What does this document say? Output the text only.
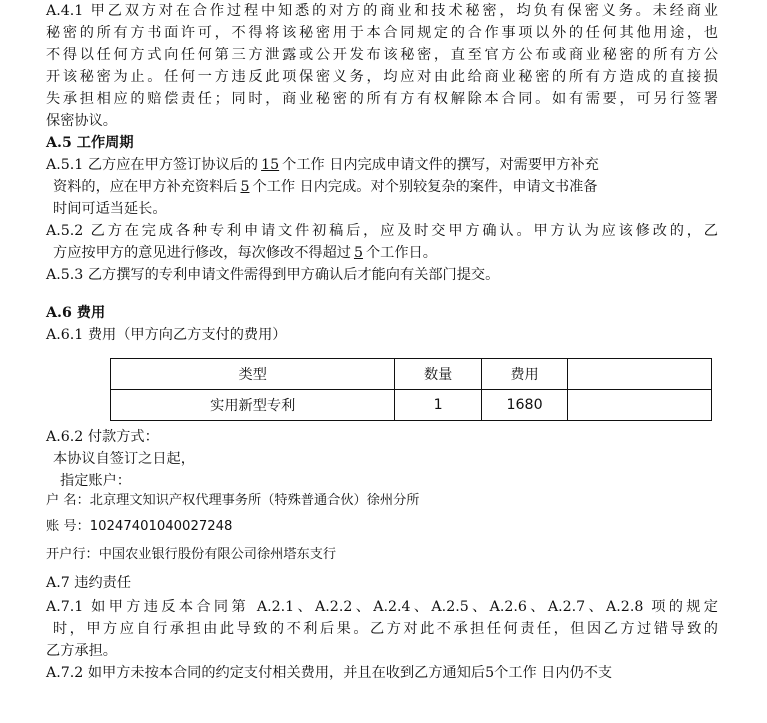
A.4.1 甲乙双方对在合作过程中知悉的对方的商业和技术秘密，均负有保密义务。未经商业
秘密的所有方书面许可，不得将该秘密用于本合同规定的合作事项以外的任何其他用途，也
不得以任何方式向任何第三方泄露或公开发布该秘密，直至官方公布或商业秘密的所有方公
开该秘密为止。任何一方违反此项保密义务，均应对由此给商业秘密的所有方造成的直接损
失承担相应的赔偿责任；同时，商业秘密的所有方有权解除本合同。如有需要，可另行签署
保密协议。
A.5 工作周期
A.5.1 乙方应在甲方签订协议后的 15 个工作 日内完成申请文件的撰写，对需要甲方补充
资料的，应在甲方补充资料后 5 个工作 日内完成。对个别较复杂的案件，申请文书准备
时间可适当延长。
A.5.2 乙方在完成各种专利申请文件初稿后，应及时交甲方确认。甲方认为应该修改的，乙
方应按甲方的意见进行修改，每次修改不得超过 5 个工作日。
A.5.3 乙方撰写的专利申请文件需得到甲方确认后才能向有关部门提交。
A.6 费用
A.6.1 费用（甲方向乙方支付的费用）
类型	数量	费用	
实用新型专利	1	1680	
A.6.2 付款方式：
本协议自签订之日起，
指定账户：
户 名：北京理文知识产权代理事务所（特殊普通合伙）徐州分所
账 号：10247401040027248
开户行：中国农业银行股份有限公司徐州塔东支行
A.7 违约责任
A.7.1 如甲方违反本合同第 A.2.1、A.2.2、A.2.4、A.2.5、A.2.6、A.2.7、A.2.8 项的规定
时，甲方应自行承担由此导致的不利后果。乙方对此不承担任何责任，但因乙方过错导致的
乙方承担。
A.7.2 如甲方未按本合同的约定支付相关费用，并且在收到乙方通知后5个工作 日内仍不支
